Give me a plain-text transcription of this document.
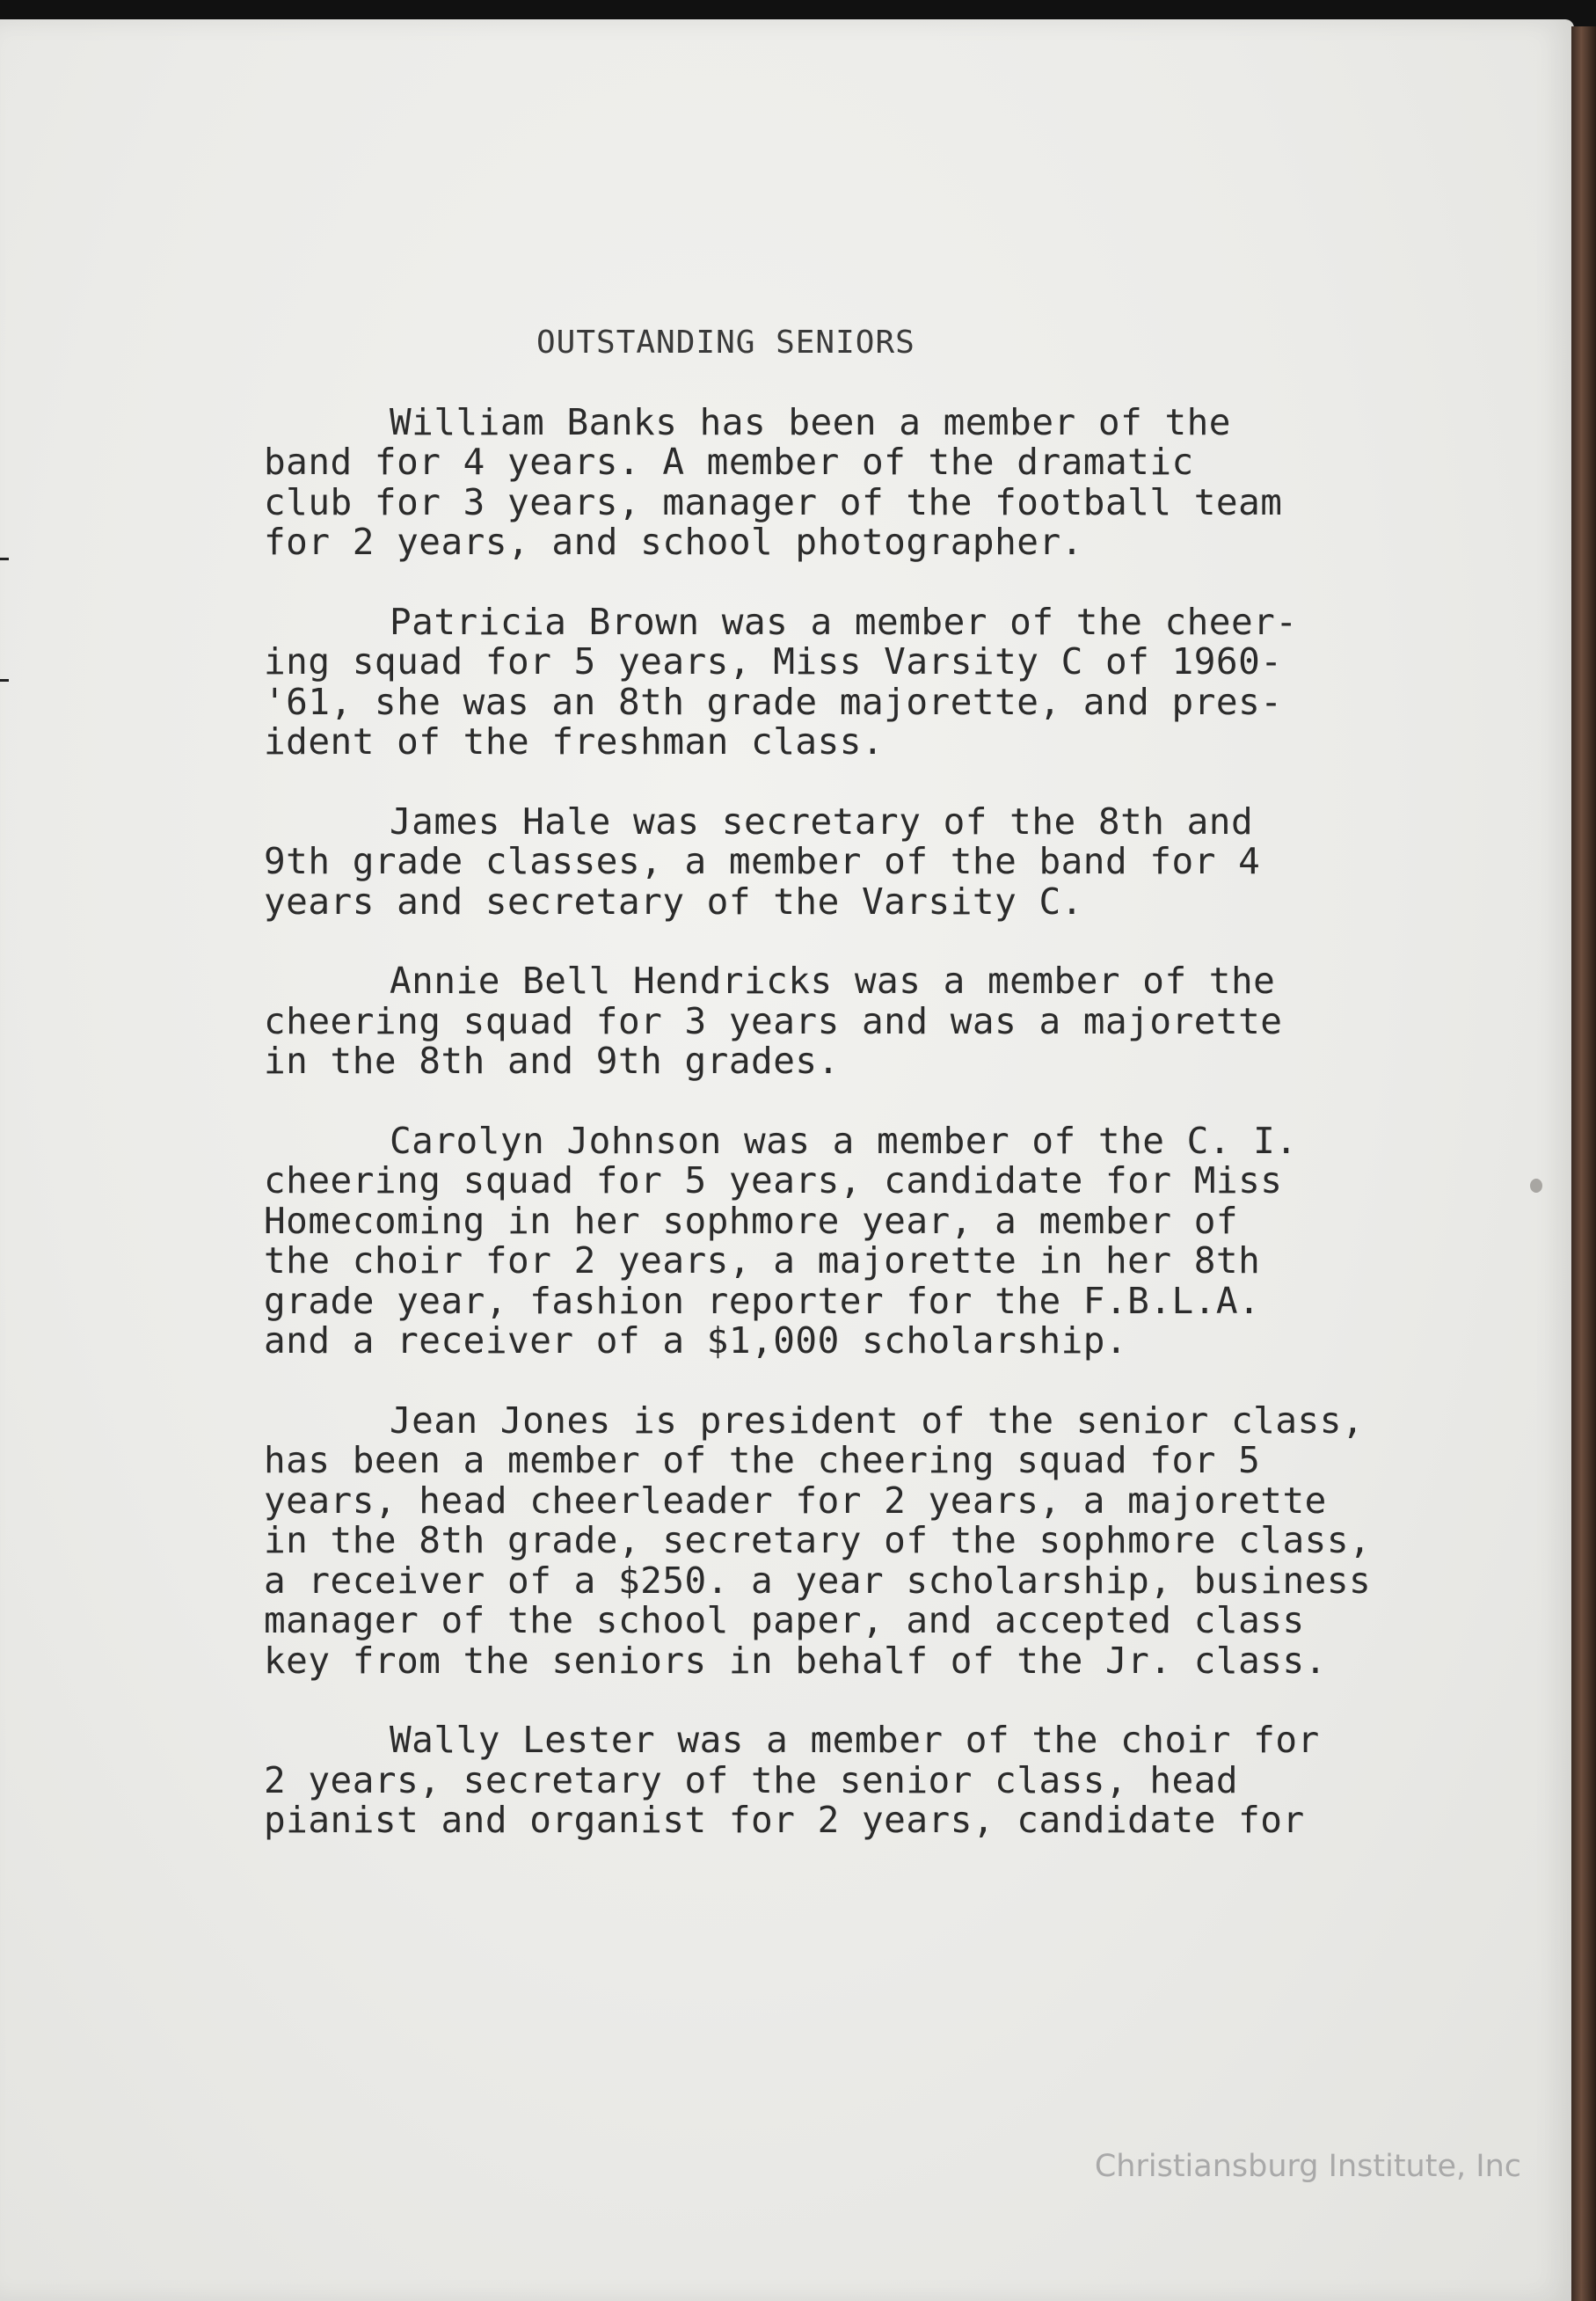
OUTSTANDING SENIORS
William Banks has been a member of the
band for 4 years. A member of the dramatic
club for 3 years, manager of the football team
for 2 years, and school photographer.
Patricia Brown was a member of the cheer-
ing squad for 5 years, Miss Varsity C of 1960-
'61, she was an 8th grade majorette, and pres-
ident of the freshman class.
James Hale was secretary of the 8th and
9th grade classes, a member of the band for 4
years and secretary of the Varsity C.
Annie Bell Hendricks was a member of the
cheering squad for 3 years and was a majorette
in the 8th and 9th grades.
Carolyn Johnson was a member of the C. I.
cheering squad for 5 years, candidate for Miss
Homecoming in her sophmore year, a member of
the choir for 2 years, a majorette in her 8th
grade year, fashion reporter for the F.B.L.A.
and a receiver of a $1,000 scholarship.
Jean Jones is president of the senior class,
has been a member of the cheering squad for 5
years, head cheerleader for 2 years, a majorette
in the 8th grade, secretary of the sophmore class,
a receiver of a $250. a year scholarship, business
manager of the school paper, and accepted class
key from the seniors in behalf of the Jr. class.
Wally Lester was a member of the choir for
2 years, secretary of the senior class, head
pianist and organist for 2 years, candidate for
Christiansburg Institute, Inc
